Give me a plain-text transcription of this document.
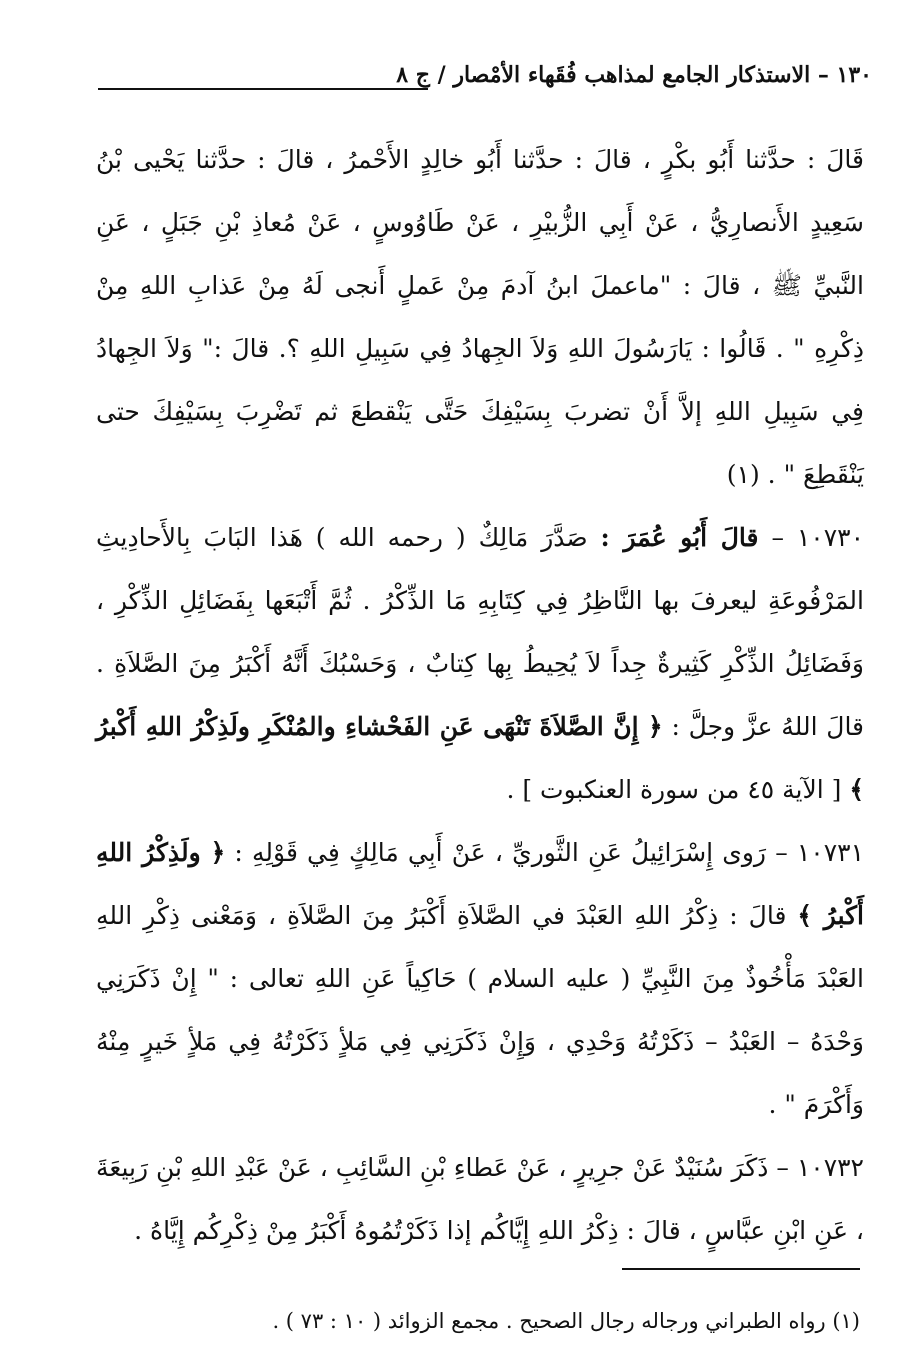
١٣٠ – الاستذكار الجامع لمذاهب فُقَهاء الأمْصار / ج ٨

قَالَ : حدَّثنا أَبُو بكْرٍ ، قالَ : حدَّثنا أَبُو خالِدٍ الأَحْمرُ ، قالَ : حدَّثنا يَحْيى بْنُ سَعِيدٍ الأَنصارِيُّ ، عَنْ أَبِي الزُّبيْرِ ، عَنْ طَاوُوسٍ ، عَنْ مُعاذِ بْنِ جَبَلٍ ، عَنِ النَّبيِّ ﷺ ، قالَ : "ماعملَ ابنُ آدمَ مِنْ عَملٍ أَنجى لَهُ مِنْ عَذابِ اللهِ مِنْ ذِكْرِهِ " . قَالُوا : يَارَسُولَ اللهِ وَلاَ الجِهادُ فِي سَبِيلِ اللهِ ؟. قالَ :" وَلاَ الجِهادُ فِي سَبِيلِ اللهِ إلاَّ أَنْ تضربَ بِسَيْفِكَ حَتَّى يَنْقطعَ ثم تَضْرِبَ بِسَيْفِكَ حتى يَنْقَطِعَ " . (١)

١٠٧٣٠ – قالَ أَبُو عُمَرَ : صَدَّرَ مَالِكٌ ( رحمه الله ) هَذا البَابَ بِالأَحادِيثِ المَرْفُوعَةِ ليعرفَ بها النَّاظِرُ فِي كِتَابِهِ مَا الذِّكْرُ . ثُمَّ أَتْبَعَها بِفَضَائِلِ الذِّكْرِ ، وَفَضَائِلُ الذِّكْرِ كَثِيرةٌ جِداً لاَ يُحِيطُ بِها كِتابٌ ، وَحَسْبُكَ أَنَّهُ أَكْبَرُ مِنَ الصَّلاَةِ . قالَ اللهُ عزَّ وجلَّ : ﴿ إِنَّ الصَّلاَةَ تَنْهَى عَنِ الفَحْشاءِ والمُنْكَرِ ولَذِكْرُ اللهِ أَكْبرُ ﴾ [ الآية ٤٥ من سورة العنكبوت ] .

١٠٧٣١ – رَوى إِسْرَائِيلُ عَنِ الثَّوريِّ ، عَنْ أَبِي مَالِكٍ فِي قَوْلِهِ : ﴿ ولَذِكْرُ اللهِ أَكْبرُ ﴾ قالَ : ذِكْرُ اللهِ العَبْدَ في الصَّلاَةِ أَكْبَرُ مِنَ الصَّلاَةِ ، وَمَعْنى ذِكْرِ اللهِ العَبْدَ مَأْخُوذٌ مِنَ النَّبِيِّ ( عليه السلام ) حَاكِياً عَنِ اللهِ تعالى : " إِنْ ذَكَرَنِي وَحْدَهُ – العَبْدُ – ذَكَرْتُهُ وَحْدِي ، وَإِنْ ذَكَرَنِي فِي مَلأٍ ذَكَرْتُهُ فِي مَلأٍ خَيرٍ مِنْهُ وَأَكْرَمَ " .

١٠٧٣٢ – ذَكَرَ سُنَيْدٌ عَنْ جرِيرٍ ، عَنْ عَطاءِ بْنِ السَّائِبِ ، عَنْ عَبْدِ اللهِ بْنِ رَبِيعَةَ ، عَنِ ابْنِ عبَّاسٍ ، قالَ : ذِكْرُ اللهِ إِيَّاكُم إذا ذَكَرْتُمُوهُ أَكْبَرُ مِنْ ذِكْرِكُم إِيَّاهُ .

(١) رواه الطبراني ورجاله رجال الصحيح . مجمع الزوائد ( ١٠ : ٧٣ ) .
